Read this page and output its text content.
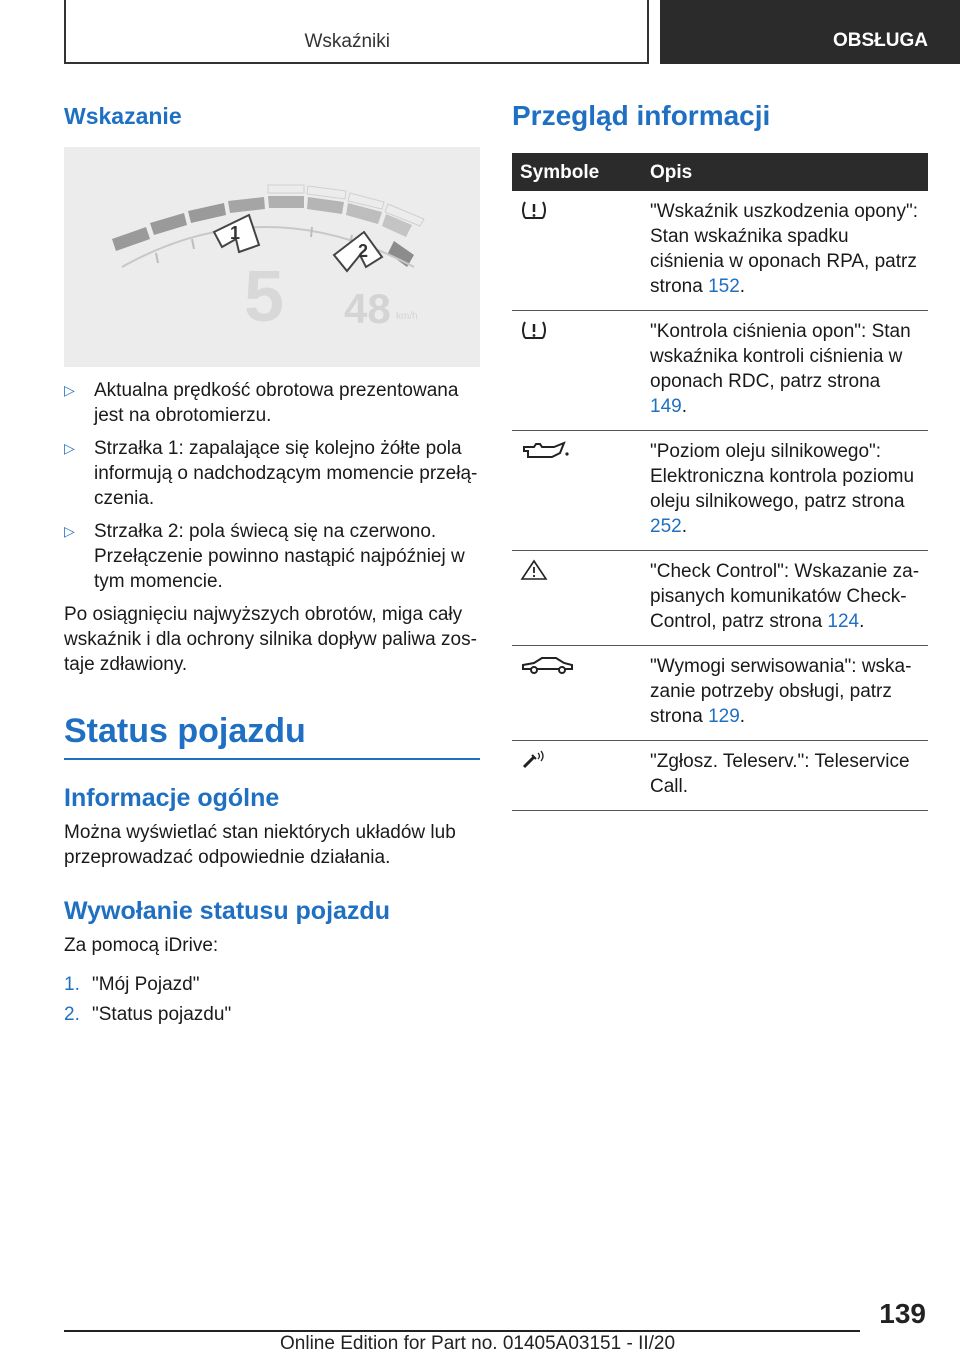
Wskaźniki	OBSŁUGA
Wskazanie
1
2
5 48 km/h
▷ Aktualna prędkość obrotowa prezentowana jest na obrotomierzu.
▷ Strzałka 1: zapalające się kolejno żółte pola informują o nadchodzącym momencie przełą‐czenia.
▷ Strzałka 2: pola świecą się na czerwono. Przełączenie powinno nastąpić najpóźniej w tym momencie.
Po osiągnięciu najwyższych obrotów, miga cały wskaźnik i dla ochrony silnika dopływ paliwa zos‐taje zdławiony.
Status pojazdu
Informacje ogólne
Można wyświetlać stan niektórych układów lub przeprowadzać odpowiednie działania.
Wywołanie statusu pojazdu
Za pomocą iDrive:
1. "Mój Pojazd"
2. "Status pojazdu"
Przegląd informacji
Symbole	Opis
	"Wskaźnik uszkodzenia opony": Stan wskaźnika spadku ciśnienia w oponach RPA, patrz strona 152.
	"Kontrola ciśnienia opon": Stan wskaźnika kontroli ciśnienia w oponach RDC, patrz strona 149.
	"Poziom oleju silnikowego": Elektroniczna kontrola poziomu oleju silnikowego, patrz strona 252.
	"Check Control": Wskazanie za‐pisanych komunikatów Check-Control, patrz strona 124.
	"Wymogi serwisowania": wska‐zanie potrzeby obsługi, patrz strona 129.
	"Zgłosz. Teleserv.": Teleservice Call.
139
Online Edition for Part no. 01405A03151 - II/20
